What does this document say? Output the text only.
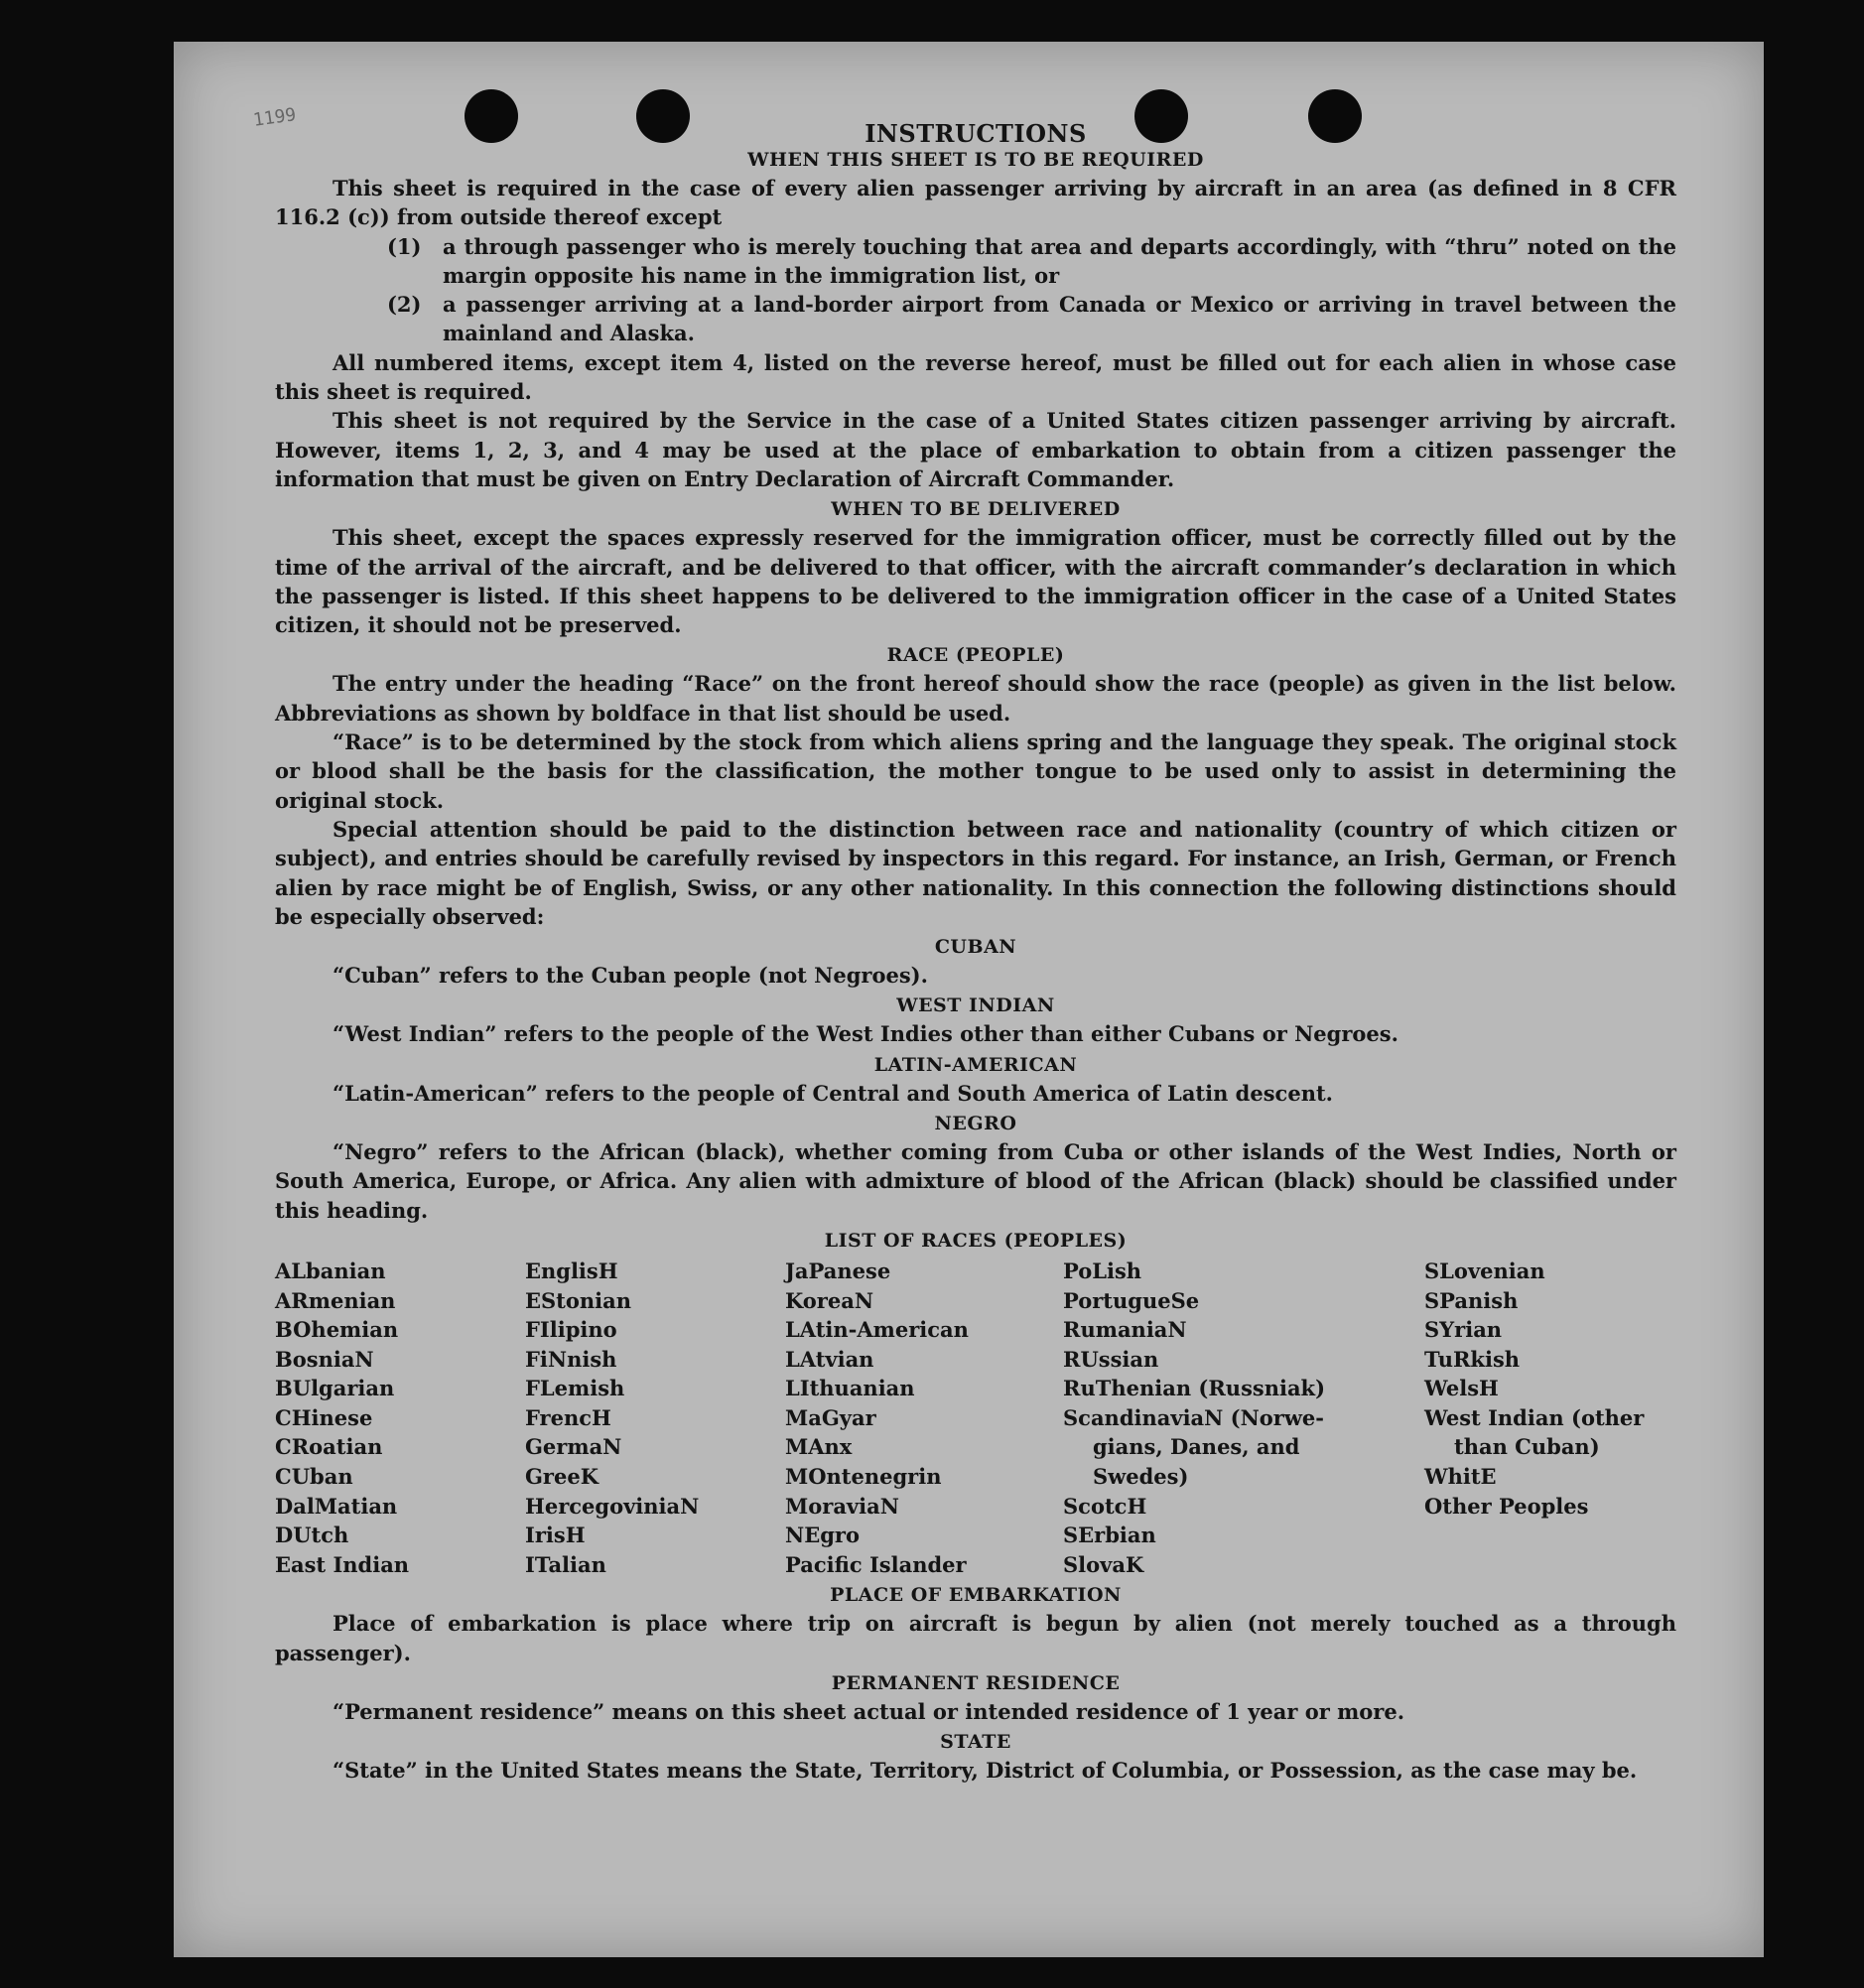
1199
INSTRUCTIONS
WHEN THIS SHEET IS TO BE REQUIRED

This sheet is required in the case of every alien passenger arriving by aircraft in an area (as defined in 8 CFR 116.2 (c)) from outside thereof except

(1)	a through passenger who is merely touching that area and departs accordingly, with “thru” noted on the margin opposite his name in the immigration list, or
(2)	a passenger arriving at a land-border airport from Canada or Mexico or arriving in travel between the mainland and Alaska.

All numbered items, except item 4, listed on the reverse hereof, must be filled out for each alien in whose case this sheet is required.

This sheet is not required by the Service in the case of a United States citizen passenger arriving by aircraft. However, items 1, 2, 3, and 4 may be used at the place of embarkation to obtain from a citizen passenger the information that must be given on Entry Declaration of Aircraft Commander.

WHEN TO BE DELIVERED

This sheet, except the spaces expressly reserved for the immigration officer, must be correctly filled out by the time of the arrival of the aircraft, and be delivered to that officer, with the aircraft commander’s declaration in which the passenger is listed. If this sheet happens to be delivered to the immigration officer in the case of a United States citizen, it should not be preserved.

RACE (PEOPLE)

The entry under the heading “Race” on the front hereof should show the race (people) as given in the list below. Abbreviations as shown by boldface in that list should be used.

“Race” is to be determined by the stock from which aliens spring and the language they speak. The original stock or blood shall be the basis for the classification, the mother tongue to be used only to assist in determining the original stock.

Special attention should be paid to the distinction between race and nationality (country of which citizen or subject), and entries should be carefully revised by inspectors in this regard. For instance, an Irish, German, or French alien by race might be of English, Swiss, or any other nationality. In this connection the following distinctions should be especially observed:

CUBAN

“Cuban” refers to the Cuban people (not Negroes).

WEST INDIAN

“West Indian” refers to the people of the West Indies other than either Cubans or Negroes.

LATIN-AMERICAN

“Latin-American” refers to the people of Central and South America of Latin descent.

NEGRO

“Negro” refers to the African (black), whether coming from Cuba or other islands of the West Indies, North or South America, Europe, or Africa. Any alien with admixture of blood of the African (black) should be classified under this heading.

LIST OF RACES (PEOPLES)
ALbanian
ARmenian
BOhemian
BosniaN
BUlgarian
CHinese
CRoatian
CUban
DalMatian
DUtch
East Indian
EnglisH
EStonian
FIlipino
FiNnish
FLemish
FrencH
GermaN
GreeK
HercegoviniaN
IrisH
ITalian
JaPanese
KoreaN
LAtin-American
LAtvian
LIthuanian
MaGyar
MAnx
MOntenegrin
MoraviaN
NEgro
Pacific Islander
PoLish
PortugueSe
RumaniaN
RUssian
RuThenian (Russniak)
ScandinaviaN (Norwe-
gians, Danes, and
Swedes)
ScotcH
SErbian
SlovaK
SLovenian
SPanish
SYrian
TuRkish
WelsH
West Indian (other
than Cuban)
WhitE
Other Peoples
PLACE OF EMBARKATION

Place of embarkation is place where trip on aircraft is begun by alien (not merely touched as a through passenger).

PERMANENT RESIDENCE

“Permanent residence” means on this sheet actual or intended residence of 1 year or more.

STATE

“State” in the United States means the State, Territory, District of Columbia, or Possession, as the case may be.
